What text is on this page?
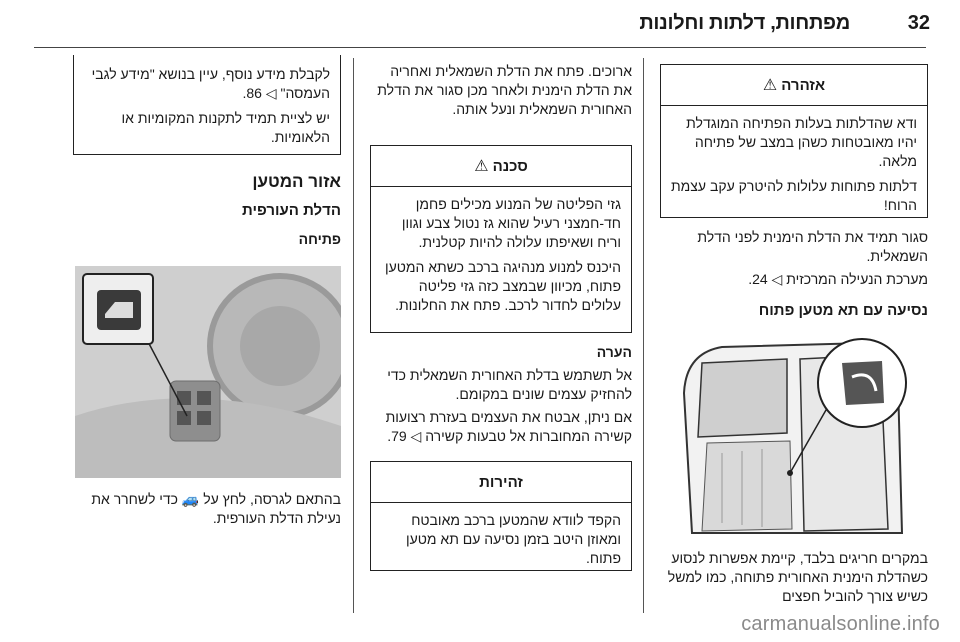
מפתחות, דלתות וחלונות	32
אזהרה
⚠

ודא שהדלתות בעלות הפתיחה המוגדלת יהיו מאובטחות כשהן במצב של פתיחה מלאה.

דלתות פתוחות עלולות להיטרק עקב עצמת הרוח!

סגור תמיד את הדלת הימנית לפני הדלת השמאלית.

מערכת הנעילה המרכזית ◁ 24.

נסיעה עם תא מטען פתוח

במקרים חריגים בלבד, קיימת אפשרות לנסוע כשהדלת הימנית האחורית פתוחה, כמו למשל כשיש צורך להוביל חפצים

ארוכים. פתח את הדלת השמאלית ואחריה את הדלת הימנית ולאחר מכן סגור את הדלת האחורית השמאלית ונעל אותה.

סכנה
⚠

גזי הפליטה של המנוע מכילים פחמן חד-חמצני רעיל שהוא גז נטול צבע וגוון וריח ושאיפתו עלולה להיות קטלנית.

היכנס למנוע מנהיגה ברכב כשתא המטען פתוח, מכיוון שבמצב כזה גזי פליטה עלולים לחדור לרכב. פתח את החלונות.

הערה

אל תשתמש בדלת האחורית השמאלית כדי להחזיק עצמים שונים במקומם.

אם ניתן, אבטח את העצמים בעזרת רצועות קשירה המחוברות אל טבעות קשירה ◁ 79.

זהירות

הקפד לוודא שהמטען ברכב מאובטח ומאוזן היטב בזמן נסיעה עם תא מטען פתוח.

לקבלת מידע נוסף, עיין בנושא "מידע לגבי העמסה" ◁ 86.

יש לציית תמיד לתקנות המקומיות או הלאומיות.

אזור המטען

הדלת העורפית

פתיחה

בהתאם לגרסה, לחץ על 🚙 כדי לשחרר את נעילת הדלת העורפית.

carmanualsonline.info
